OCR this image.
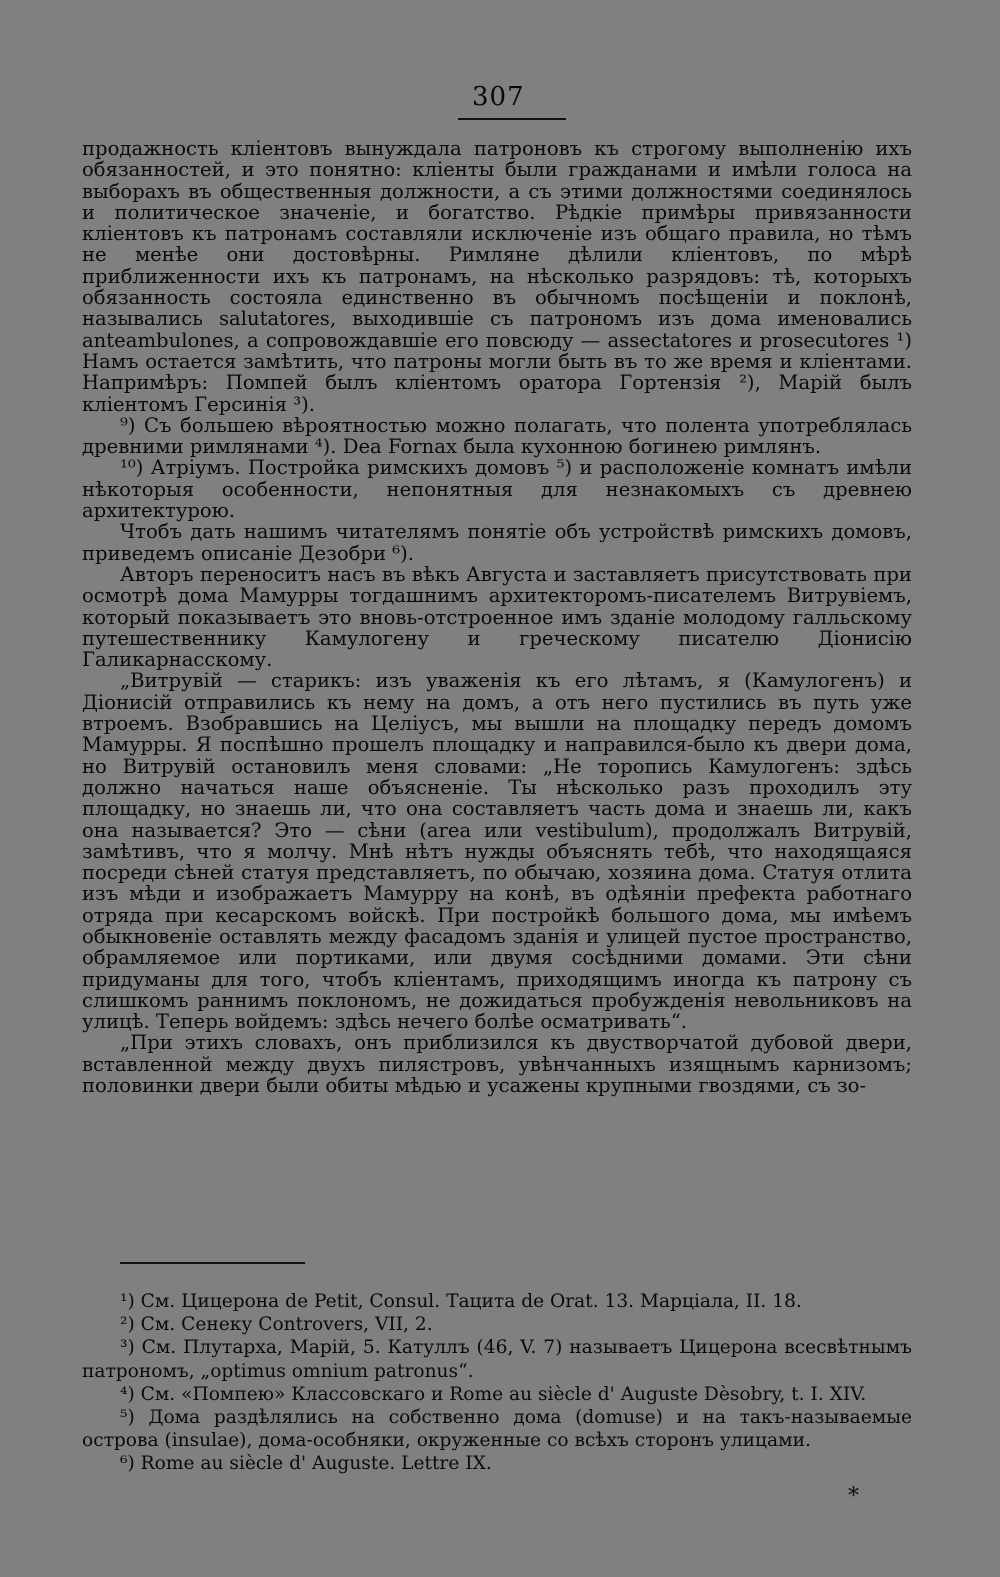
307

продажность кліентовъ вынуждала патроновъ къ строгому выполненію ихъ обязанностей, и это понятно: кліенты были гражданами и имѣли голоса на выборахъ въ общественныя должности, а съ этими должностями соединялось и политическое значеніе, и богатство. Рѣдкіе примѣры привязанности кліентовъ къ патронамъ составляли исключеніе изъ общаго правила, но тѣмъ не менѣе они достовѣрны. Римляне дѣлили кліентовъ, по мѣрѣ приближенности ихъ къ патронамъ, на нѣсколько разрядовъ: тѣ, которыхъ обязанность состояла единственно въ обычномъ посѣщеніи и поклонѣ, назывались salutatores, выходившіе съ патрономъ изъ дома именовались anteambulones, а сопровождавшіе его повсюду — assectatores и prosecutores ¹) Намъ остается замѣтить, что патроны могли быть въ то же время и кліентами. Напримѣръ: Помпей былъ кліентомъ оратора Гортензія ²), Марій былъ кліентомъ Герсинія ³).

⁹) Съ большею вѣроятностью можно полагать, что полента употреблялась древними римлянами ⁴). Dea Fornax была кухонною богинею римлянъ.

¹⁰) Атріумъ. Постройка римскихъ домовъ ⁵) и расположеніе комнатъ имѣли нѣкоторыя особенности, непонятныя для незнакомыхъ съ древнею архитектурою.

Чтобъ дать нашимъ читателямъ понятіе объ устройствѣ римскихъ домовъ, приведемъ описаніе Дезобри ⁶).

Авторъ переноситъ насъ въ вѣкъ Августа и заставляетъ присутствовать при осмотрѣ дома Мамурры тогдашнимъ архитекторомъ-писателемъ Витрувіемъ, который показываетъ это вновь-отстроенное имъ зданіе молодому галльскому путешественнику Камулогену и греческому писателю Діонисію Галикарнасскому.

„Витрувій — старикъ: изъ уваженія къ его лѣтамъ, я (Камулогенъ) и Діонисій отправились къ нему на домъ, а отъ него пустились въ путь уже втроемъ. Взобравшись на Целіусъ, мы вышли на площадку передъ домомъ Мамурры. Я поспѣшно прошелъ площадку и направился-было къ двери дома, но Витрувій остановилъ меня словами: „Не торопись Камулогенъ: здѣсь должно начаться наше объясненіе. Ты нѣсколько разъ проходилъ эту площадку, но знаешь ли, что она составляетъ часть дома и знаешь ли, какъ она называется? Это — сѣни (area или vestibulum), продолжалъ Витрувій, замѣтивъ, что я молчу. Мнѣ нѣтъ нужды объяснять тебѣ, что находящаяся посреди сѣней статуя представляетъ, по обычаю, хозяина дома. Статуя отлита изъ мѣди и изображаетъ Мамурру на конѣ, въ одѣяніи префекта работнаго отряда при кесарскомъ войскѣ. При постройкѣ большого дома, мы имѣемъ обыкновеніе оставлять между фасадомъ зданія и улицей пустое пространство, обрамляемое или портиками, или двумя сосѣдними домами. Эти сѣни придуманы для того, чтобъ кліентамъ, приходящимъ иногда къ патрону съ слишкомъ раннимъ поклономъ, не дожидаться пробужденія невольниковъ на улицѣ. Теперь войдемъ: здѣсь нечего болѣе осматривать“.

„При этихъ словахъ, онъ приблизился къ двустворчатой дубовой двери, вставленной между двухъ пилястровъ, увѣнчанныхъ изящнымъ карнизомъ; половинки двери были обиты мѣдью и усажены крупными гвоздями, съ зо-

¹) См. Цицерона de Petit, Consul. Тацита de Orat. 13. Марціала, II. 18.

²) См. Сенеку Controvers, VII, 2.

³) См. Плутарха, Марій, 5. Катуллъ (46, V. 7) называетъ Цицерона всесвѣтнымъ патрономъ, „optimus omnium patronus“.

⁴) См. «Помпею» Классовскаго и Rome au siècle d' Auguste Dèsobry, t. I. XIV.

⁵) Дома раздѣлялись на собственно дома (domuse) и на такъ-называемые острова (insulae), дома-особняки, окруженные со всѣхъ сторонъ улицами.

⁶) Rome au siècle d' Auguste. Lettre IX.

*
